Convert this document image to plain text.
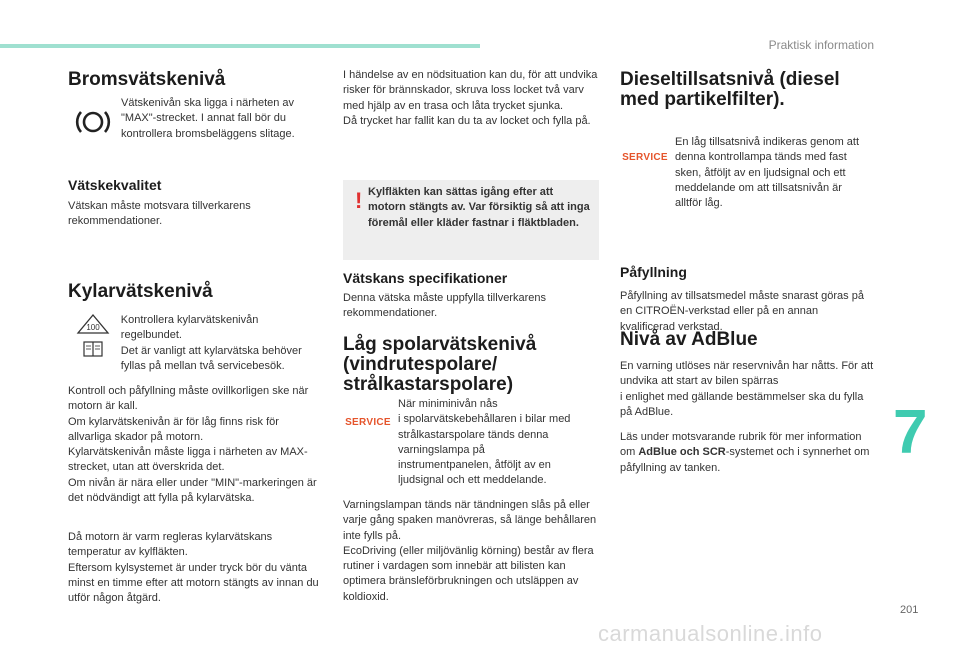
Praktisk information
7
201
carmanualsonline.info
Bromsvätskenivå

Vätskenivån ska ligga i närheten av "MAX"-strecket. I annat fall bör du kontrollera bromsbeläggens slitage.

Vätskekvalitet

Vätskan måste motsvara tillverkarens rekommendationer.

Kylarvätskenivå
100

Kontrollera kylarvätskenivån regelbundet.
Det är vanligt att kylarvätska behöver fyllas på mellan två servicebesök.

Kontroll och påfyllning måste ovillkorligen ske när motorn är kall.
Om kylarvätskenivån är för låg finns risk för allvarliga skador på motorn.
Kylarvätskenivån måste ligga i närheten av MAX-strecket, utan att överskrida det.
Om nivån är nära eller under "MIN"-markeringen är det nödvändigt att fylla på kylarvätska.

Då motorn är varm regleras kylarvätskans temperatur av kylfläkten.
Eftersom kylsystemet är under tryck bör du vänta minst en timme efter att motorn stängts av innan du utför någon åtgärd.

I händelse av en nödsituation kan du, för att undvika risker för brännskador, skruva loss locket två varv med hjälp av en trasa och låta trycket sjunka.
Då trycket har fallit kan du ta av locket och fylla på.

! Kylfläkten kan sättas igång efter att motorn stängts av. Var försiktig så att inga föremål eller kläder fastnar i fläktbladen.

Vätskans specifikationer

Denna vätska måste uppfylla tillverkarens rekommendationer.

Låg spolarvätskenivå (vindrutespolare/ strålkastarspolare)
SERVICE

När miniminivån nås
i spolarvätskebehållaren i bilar med strålkastarspolare tänds denna varningslampa på instrumentpanelen, åtföljt av en ljudsignal och ett meddelande.

Varningslampan tänds när tändningen slås på eller varje gång spaken manövreras, så länge behållaren inte fylls på.
EcoDriving (eller miljövänlig körning) består av flera rutiner i vardagen som innebär att bilisten kan optimera bränsleförbrukningen och utsläppen av koldioxid.

Dieseltillsatsnivå (diesel med partikelfilter).
SERVICE

En låg tillsatsnivå indikeras genom att denna kontrollampa tänds med fast sken, åtföljt av en ljudsignal och ett meddelande om att tillsatsnivån är alltför låg.

Påfyllning

Påfyllning av tillsatsmedel måste snarast göras på en CITROËN-verkstad eller på en annan kvalificerad verkstad.

Nivå av AdBlue

En varning utlöses när reservnivån har nåtts. För att undvika att start av bilen spärras
i enlighet med gällande bestämmelser ska du fylla på AdBlue.

Läs under motsvarande rubrik för mer information om AdBlue och SCR-systemet och i synnerhet om påfyllning av tanken.
